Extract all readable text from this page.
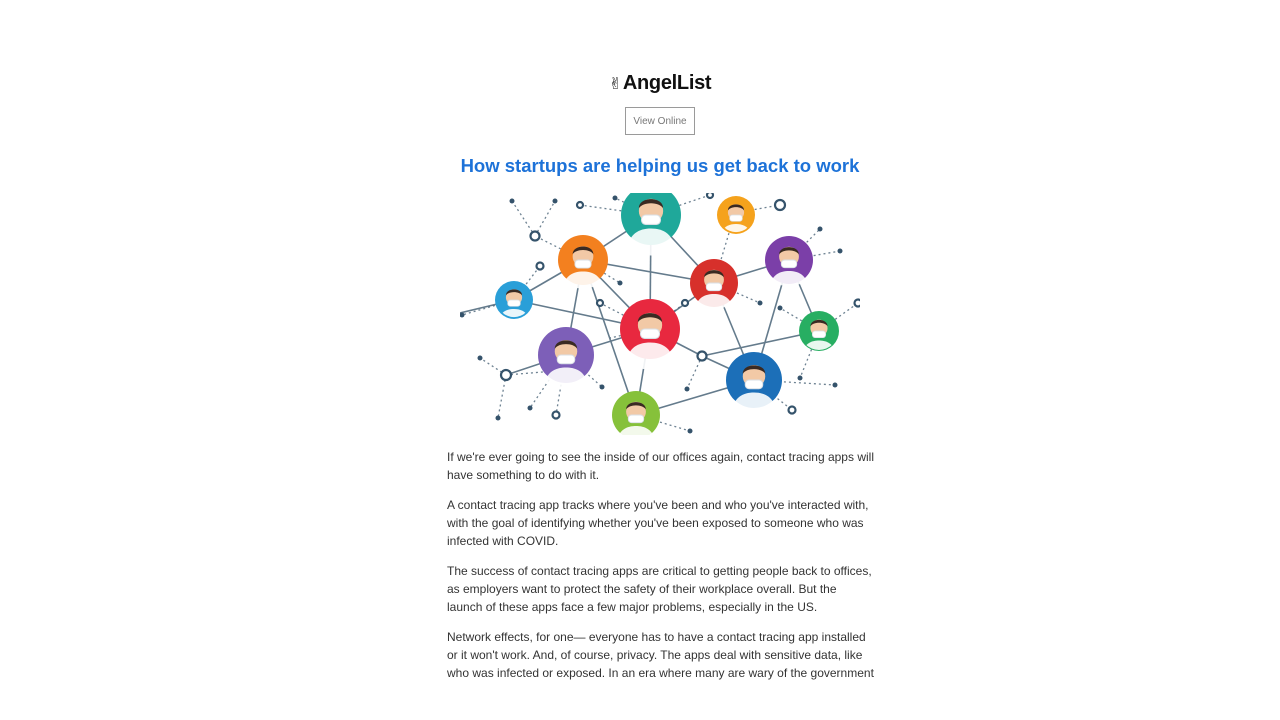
✌AngelList
View Online
How startups are helping us get back to work

If we're ever going to see the inside of our offices again, contact tracing apps will have something to do with it.

A contact tracing app tracks where you've been and who you've interacted with, with the goal of identifying whether you've been exposed to someone who was infected with COVID.

The success of contact tracing apps are critical to getting people back to offices, as employers want to protect the safety of their workplace overall. But the launch of these apps face a few major problems, especially in the US.

Network effects, for one— everyone has to have a contact tracing app installed or it won't work. And, of course, privacy. The apps deal with sensitive data, like who was infected or exposed. In an era where many are wary of the government
